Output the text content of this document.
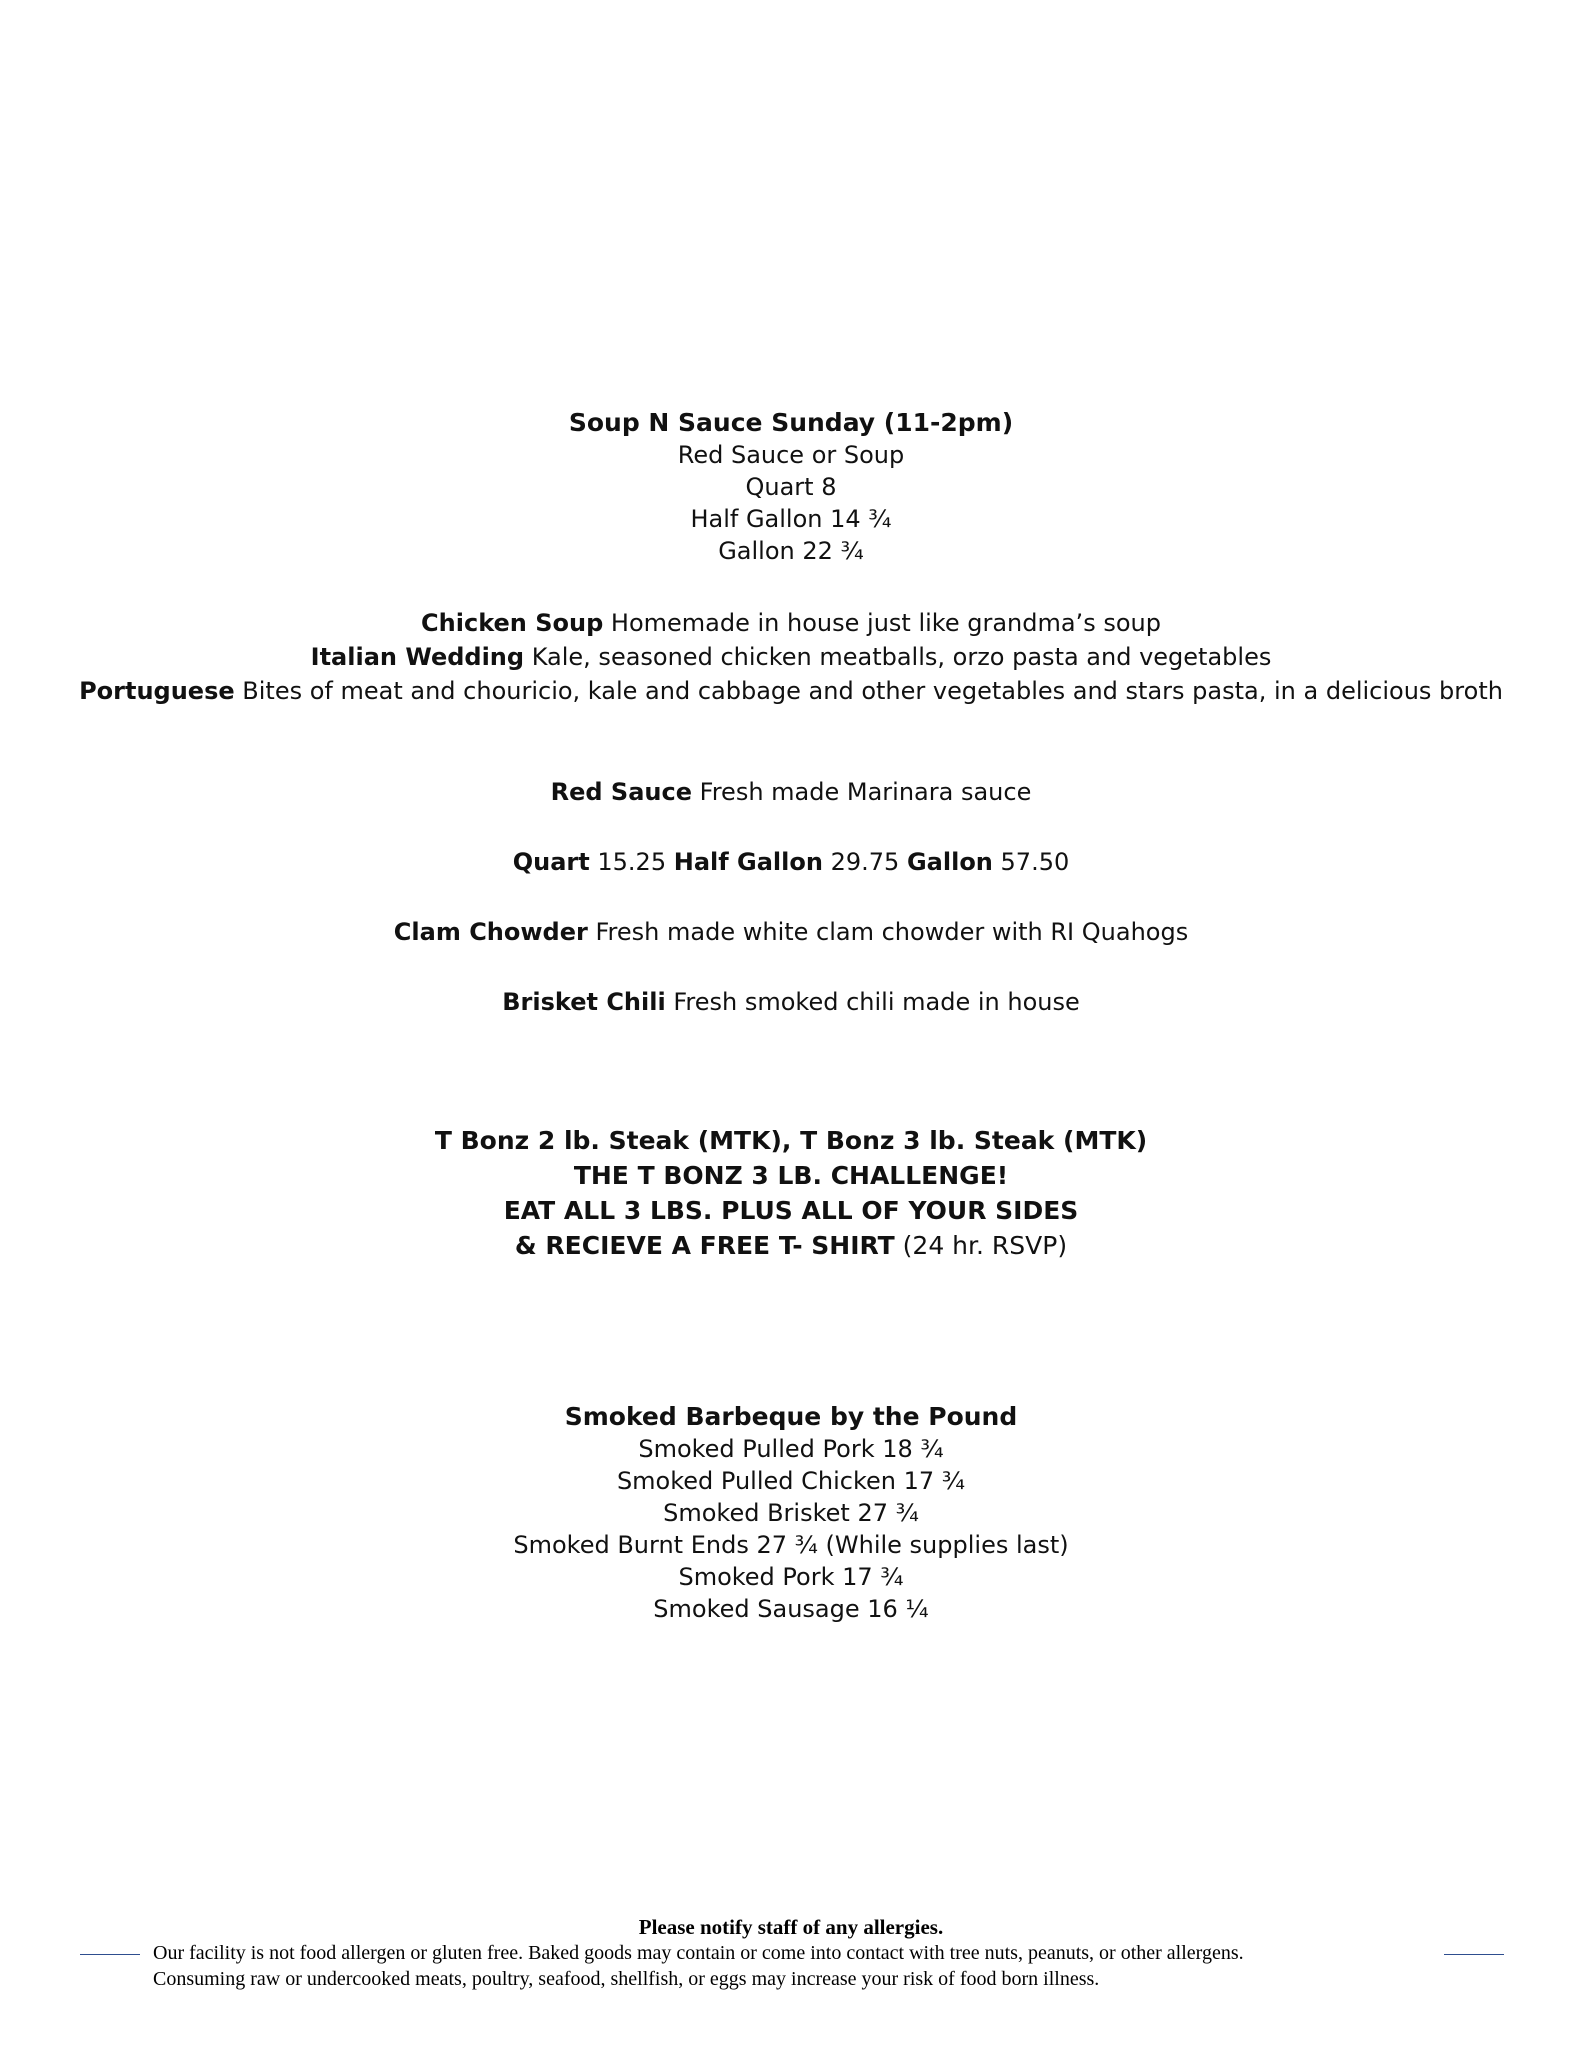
Soup N Sauce Sunday (11-2pm)

Red Sauce or Soup

Quart 8

Half Gallon 14 ¾

Gallon 22 ¾

Chicken Soup Homemade in house just like grandma’s soup

Italian Wedding Kale, seasoned chicken meatballs, orzo pasta and vegetables

Portuguese Bites of meat and chouricio, kale and cabbage and other vegetables and stars pasta, in a delicious broth

Red Sauce Fresh made Marinara sauce

Quart 15.25 Half Gallon 29.75 Gallon 57.50

Clam Chowder Fresh made white clam chowder with RI Quahogs

Brisket Chili Fresh smoked chili made in house

T Bonz 2 lb. Steak (MTK), T Bonz 3 lb. Steak (MTK)

THE T BONZ 3 LB. CHALLENGE!

EAT ALL 3 LBS. PLUS ALL OF YOUR SIDES

& RECIEVE A FREE T- SHIRT (24 hr. RSVP)

Smoked Barbeque by the Pound

Smoked Pulled Pork 18 ¾

Smoked Pulled Chicken 17 ¾

Smoked Brisket 27 ¾

Smoked Burnt Ends 27 ¾ (While supplies last)

Smoked Pork 17 ¾

Smoked Sausage 16 ¼

Please notify staff of any allergies.
Our facility is not food allergen or gluten free. Baked goods may contain or come into contact with tree nuts, peanuts, or other allergens.
Consuming raw or undercooked meats, poultry, seafood, shellfish, or eggs may increase your risk of food born illness.
